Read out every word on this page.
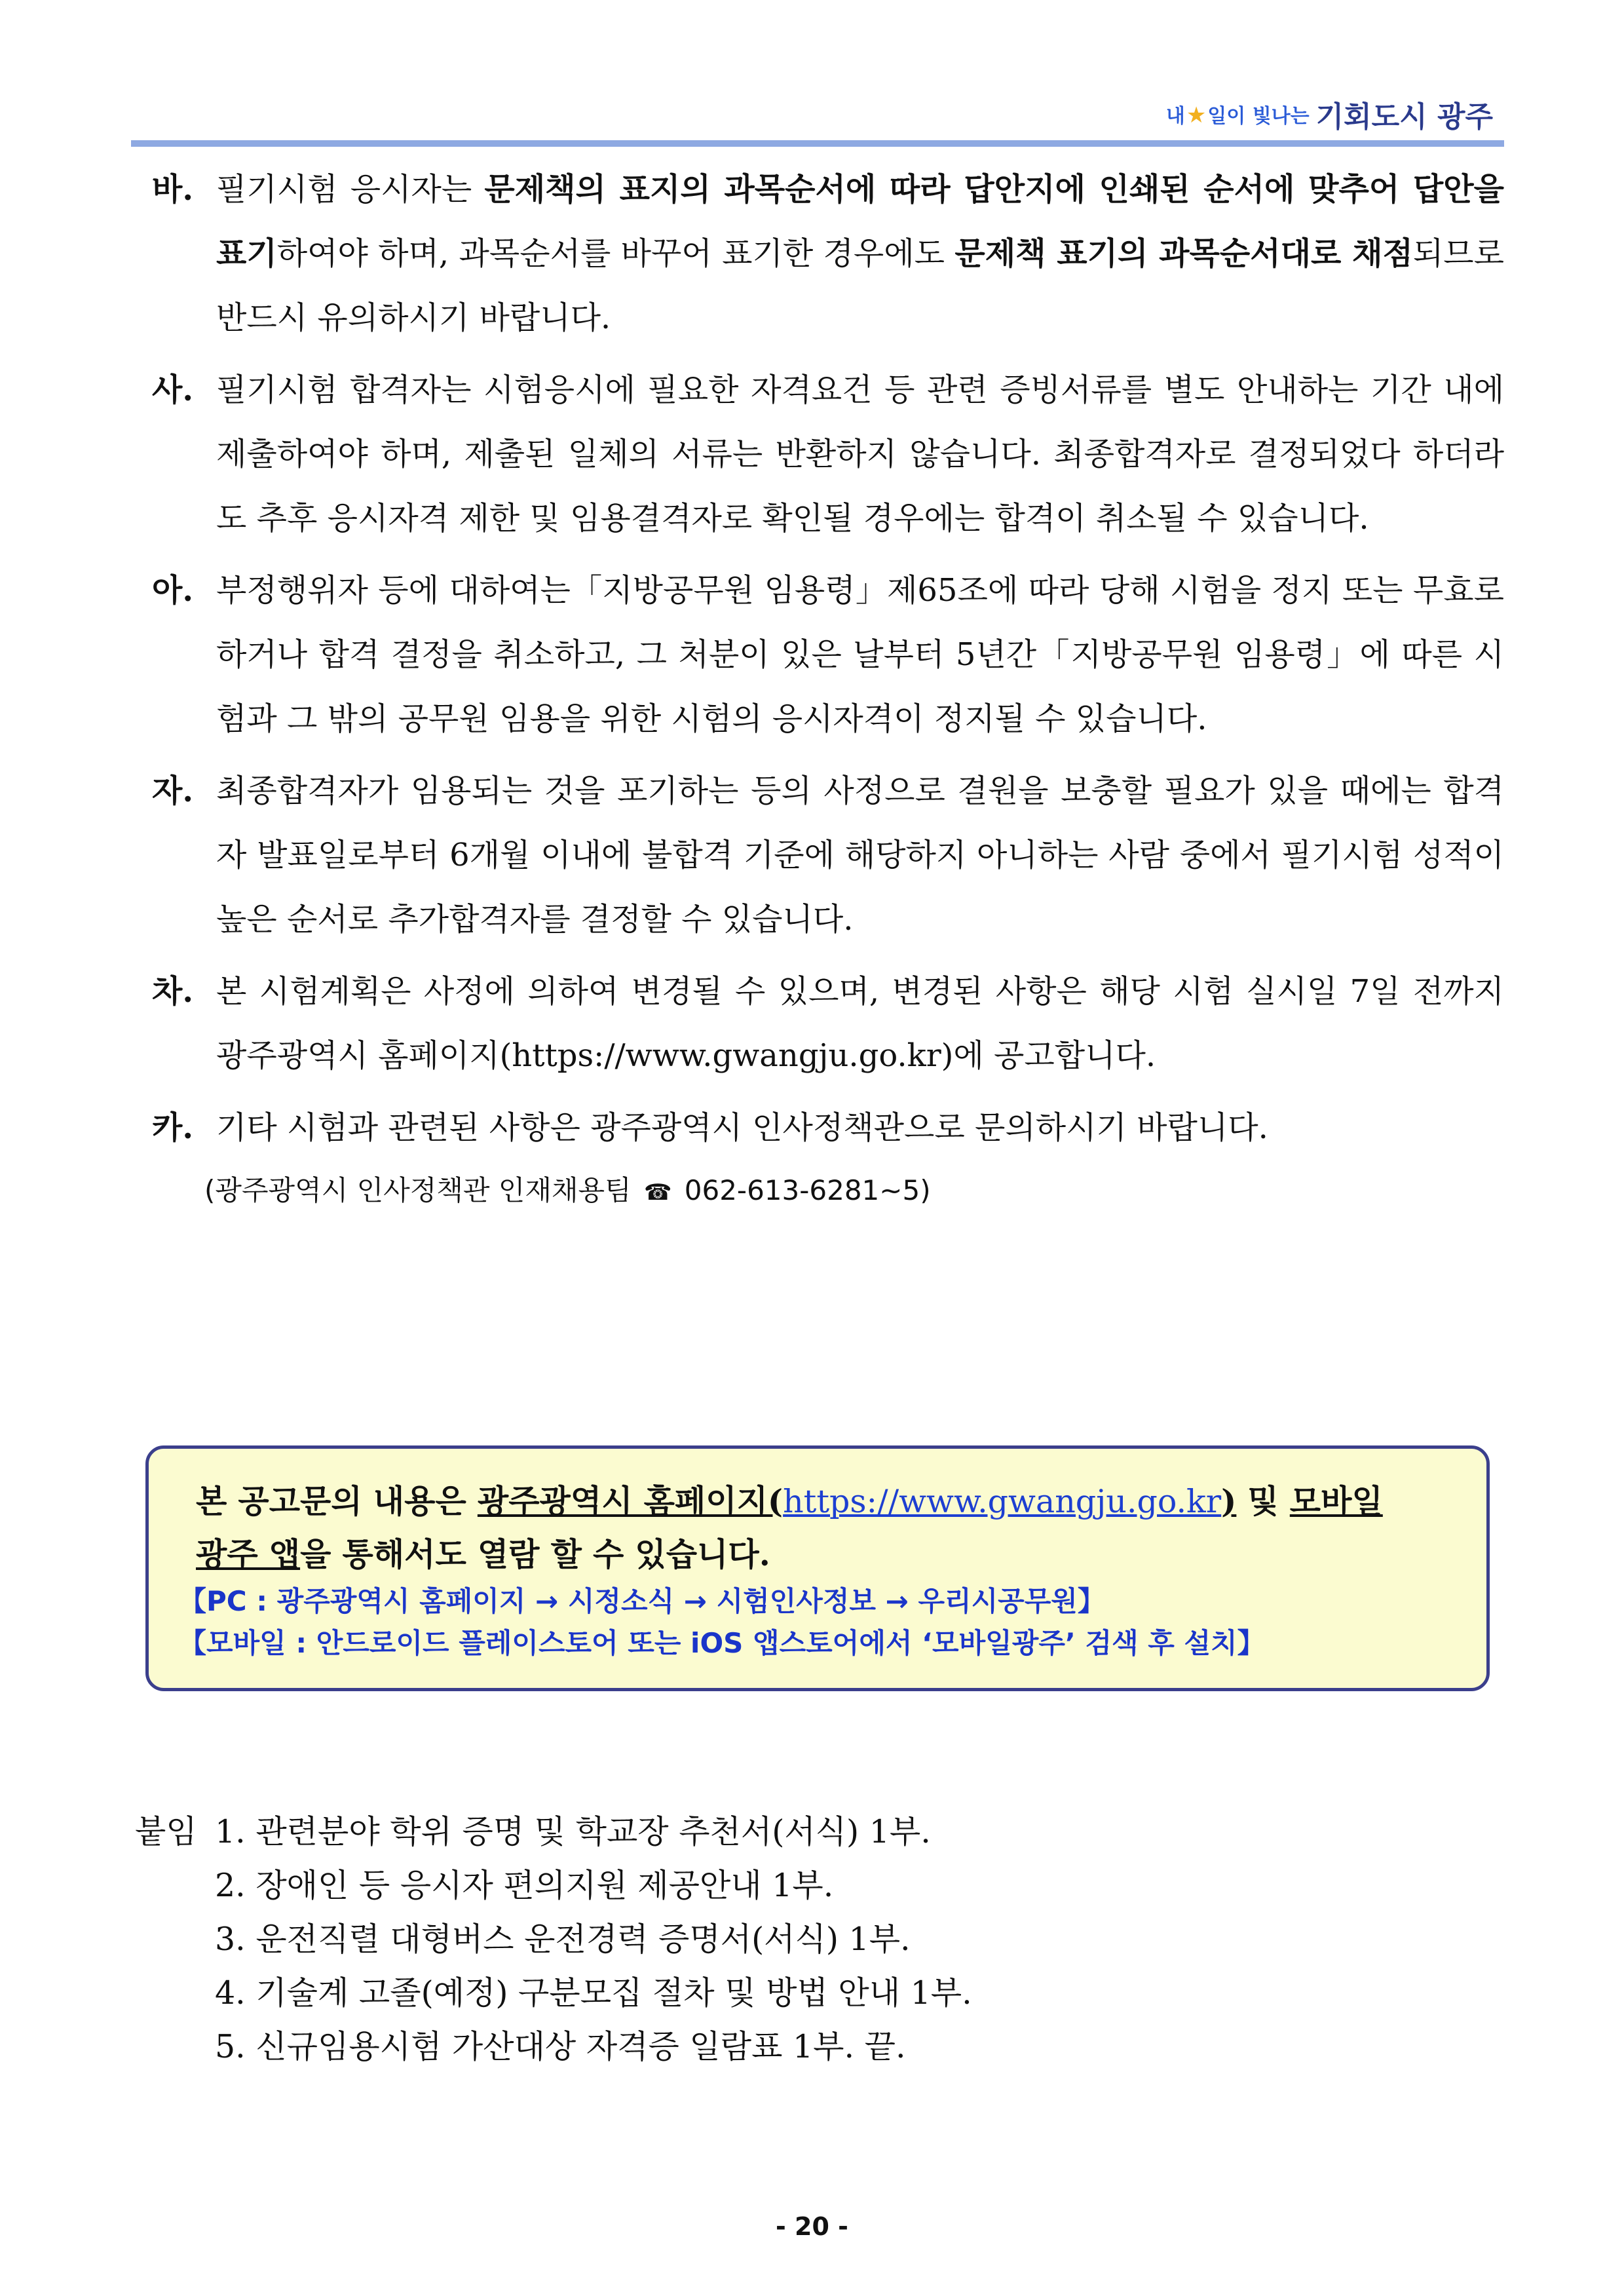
내★일이 빛나는 기회도시 광주
바. 필기시험 응시자는 문제책의 표지의 과목순서에 따라 답안지에 인쇄된 순서에 맞추어 답안을 표기하여야 하며, 과목순서를 바꾸어 표기한 경우에도 문제책 표기의 과목순서대로 채점되므로 반드시 유의하시기 바랍니다.
사. 필기시험 합격자는 시험응시에 필요한 자격요건 등 관련 증빙서류를 별도 안내하는 기간 내에 제출하여야 하며, 제출된 일체의 서류는 반환하지 않습니다. 최종합격자로 결정되었다 하더라도 추후 응시자격 제한 및 임용결격자로 확인될 경우에는 합격이 취소될 수 있습니다.
아. 부정행위자 등에 대하여는「지방공무원 임용령」제65조에 따라 당해 시험을 정지 또는 무효로 하거나 합격 결정을 취소하고, 그 처분이 있은 날부터 5년간「지방공무원 임용령」에 따른 시험과 그 밖의 공무원 임용을 위한 시험의 응시자격이 정지될 수 있습니다.
자. 최종합격자가 임용되는 것을 포기하는 등의 사정으로 결원을 보충할 필요가 있을 때에는 합격자 발표일로부터 6개월 이내에 불합격 기준에 해당하지 아니하는 사람 중에서 필기시험 성적이 높은 순서로 추가합격자를 결정할 수 있습니다.
차. 본 시험계획은 사정에 의하여 변경될 수 있으며, 변경된 사항은 해당 시험 실시일 7일 전까지 광주광역시 홈페이지(https://www.gwangju.go.kr)에 공고합니다.
카. 기타 시험과 관련된 사항은 광주광역시 인사정책관으로 문의하시기 바랍니다.
(광주광역시 인사정책관 인재채용팀 ☎ 062-613-6281~5)
본 공고문의 내용은 광주광역시 홈페이지(https://www.gwangju.go.kr) 및 모바일
광주 앱을 통해서도 열람 할 수 있습니다.
【PC : 광주광역시 홈페이지 → 시정소식 → 시험인사정보 → 우리시공무원】
【모바일 : 안드로이드 플레이스토어 또는 iOS 앱스토어에서 ‘모바일광주’ 검색 후 설치】
붙임 1. 관련분야 학위 증명 및 학교장 추천서(서식) 1부.
2. 장애인 등 응시자 편의지원 제공안내 1부.
3. 운전직렬 대형버스 운전경력 증명서(서식) 1부.
4. 기술계 고졸(예정) 구분모집 절차 및 방법 안내 1부.
5. 신규임용시험 가산대상 자격증 일람표 1부. 끝.
- 20 -
